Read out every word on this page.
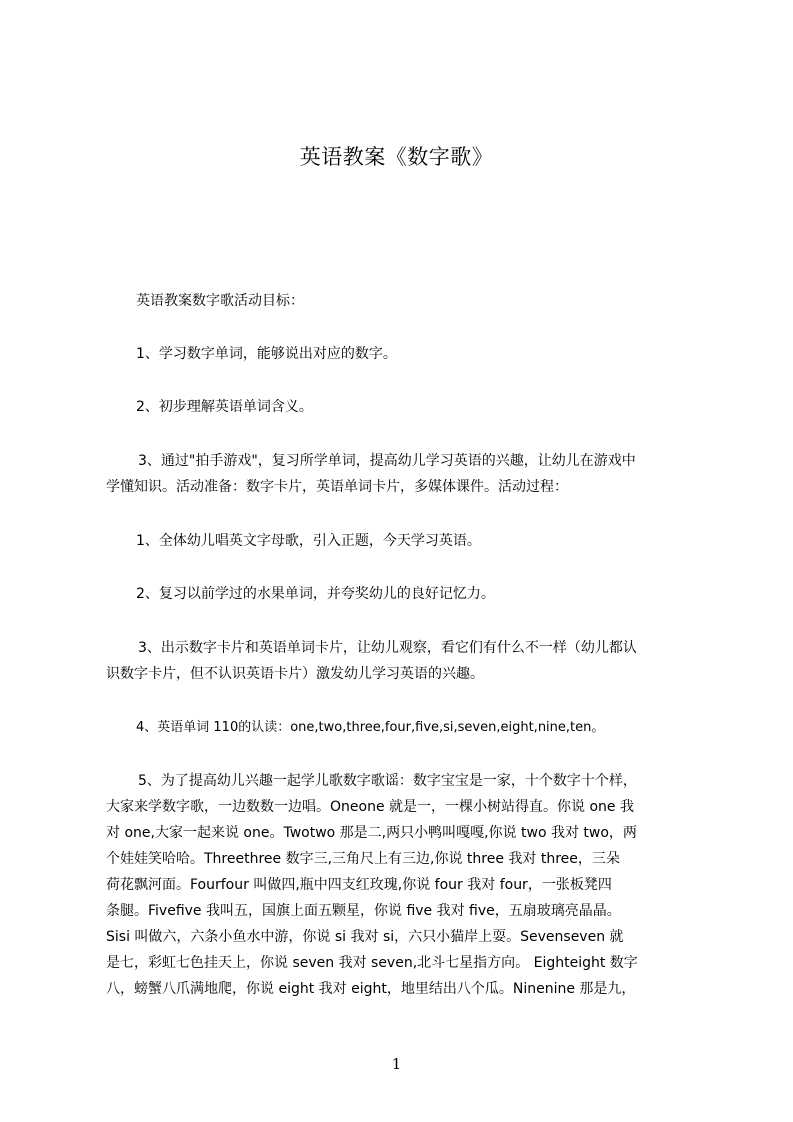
英语教案《数字歌》
英语教案数字歌活动目标：
1、学习数字单词，能够说出对应的数字。
2、初步理解英语单词含义。
3、通过"拍手游戏"，复习所学单词，提高幼儿学习英语的兴趣，让幼儿在游戏中
学懂知识。活动准备：数字卡片，英语单词卡片，多媒体课件。活动过程：
1、全体幼儿唱英文字母歌，引入正题，今天学习英语。
2、复习以前学过的水果单词，并夸奖幼儿的良好记忆力。
3、出示数字卡片和英语单词卡片，让幼儿观察，看它们有什么不一样（幼儿都认
识数字卡片，但不认识英语卡片）激发幼儿学习英语的兴趣。
4、英语单词 110的认读：one,two,three,four,five,si,seven,eight,nine,ten。
5、为了提高幼儿兴趣一起学儿歌数字歌谣：数字宝宝是一家，十个数字十个样，
大家来学数字歌，一边数数一边唱。Oneone 就是一，一棵小树站得直。你说 one 我
对 one,大家一起来说 one。Twotwo 那是二,两只小鸭叫嘎嘎,你说 two 我对 two，两
个娃娃笑哈哈。Threethree 数字三,三角尺上有三边,你说 three 我对 three，三朵
荷花飘河面。Fourfour 叫做四,瓶中四支红玫瑰,你说 four 我对 four，一张板凳四
条腿。Fivefive 我叫五，国旗上面五颗星，你说 five 我对 five，五扇玻璃亮晶晶。
Sisi 叫做六，六条小鱼水中游，你说 si 我对 si，六只小猫岸上耍。Sevenseven 就
是七，彩虹七色挂天上，你说 seven 我对 seven,北斗七星指方向。 Eighteight 数字
八，螃蟹八爪满地爬，你说 eight 我对 eight，地里结出八个瓜。Ninenine 那是九，
1
